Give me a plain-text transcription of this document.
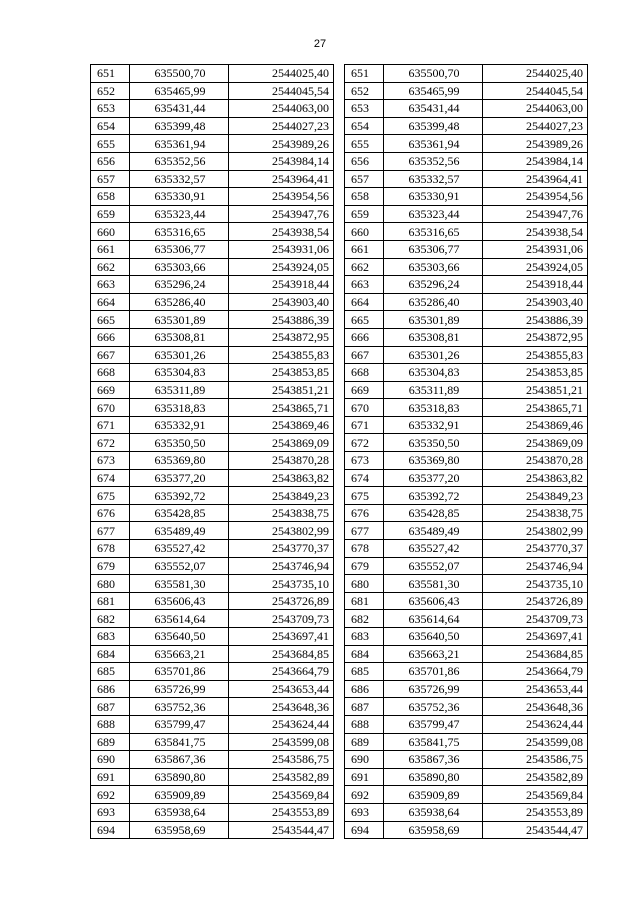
27
651	635500,70	2544025,40
652	635465,99	2544045,54
653	635431,44	2544063,00
654	635399,48	2544027,23
655	635361,94	2543989,26
656	635352,56	2543984,14
657	635332,57	2543964,41
658	635330,91	2543954,56
659	635323,44	2543947,76
660	635316,65	2543938,54
661	635306,77	2543931,06
662	635303,66	2543924,05
663	635296,24	2543918,44
664	635286,40	2543903,40
665	635301,89	2543886,39
666	635308,81	2543872,95
667	635301,26	2543855,83
668	635304,83	2543853,85
669	635311,89	2543851,21
670	635318,83	2543865,71
671	635332,91	2543869,46
672	635350,50	2543869,09
673	635369,80	2543870,28
674	635377,20	2543863,82
675	635392,72	2543849,23
676	635428,85	2543838,75
677	635489,49	2543802,99
678	635527,42	2543770,37
679	635552,07	2543746,94
680	635581,30	2543735,10
681	635606,43	2543726,89
682	635614,64	2543709,73
683	635640,50	2543697,41
684	635663,21	2543684,85
685	635701,86	2543664,79
686	635726,99	2543653,44
687	635752,36	2543648,36
688	635799,47	2543624,44
689	635841,75	2543599,08
690	635867,36	2543586,75
691	635890,80	2543582,89
692	635909,89	2543569,84
693	635938,64	2543553,89
694	635958,69	2543544,47
651	635500,70	2544025,40
652	635465,99	2544045,54
653	635431,44	2544063,00
654	635399,48	2544027,23
655	635361,94	2543989,26
656	635352,56	2543984,14
657	635332,57	2543964,41
658	635330,91	2543954,56
659	635323,44	2543947,76
660	635316,65	2543938,54
661	635306,77	2543931,06
662	635303,66	2543924,05
663	635296,24	2543918,44
664	635286,40	2543903,40
665	635301,89	2543886,39
666	635308,81	2543872,95
667	635301,26	2543855,83
668	635304,83	2543853,85
669	635311,89	2543851,21
670	635318,83	2543865,71
671	635332,91	2543869,46
672	635350,50	2543869,09
673	635369,80	2543870,28
674	635377,20	2543863,82
675	635392,72	2543849,23
676	635428,85	2543838,75
677	635489,49	2543802,99
678	635527,42	2543770,37
679	635552,07	2543746,94
680	635581,30	2543735,10
681	635606,43	2543726,89
682	635614,64	2543709,73
683	635640,50	2543697,41
684	635663,21	2543684,85
685	635701,86	2543664,79
686	635726,99	2543653,44
687	635752,36	2543648,36
688	635799,47	2543624,44
689	635841,75	2543599,08
690	635867,36	2543586,75
691	635890,80	2543582,89
692	635909,89	2543569,84
693	635938,64	2543553,89
694	635958,69	2543544,47
